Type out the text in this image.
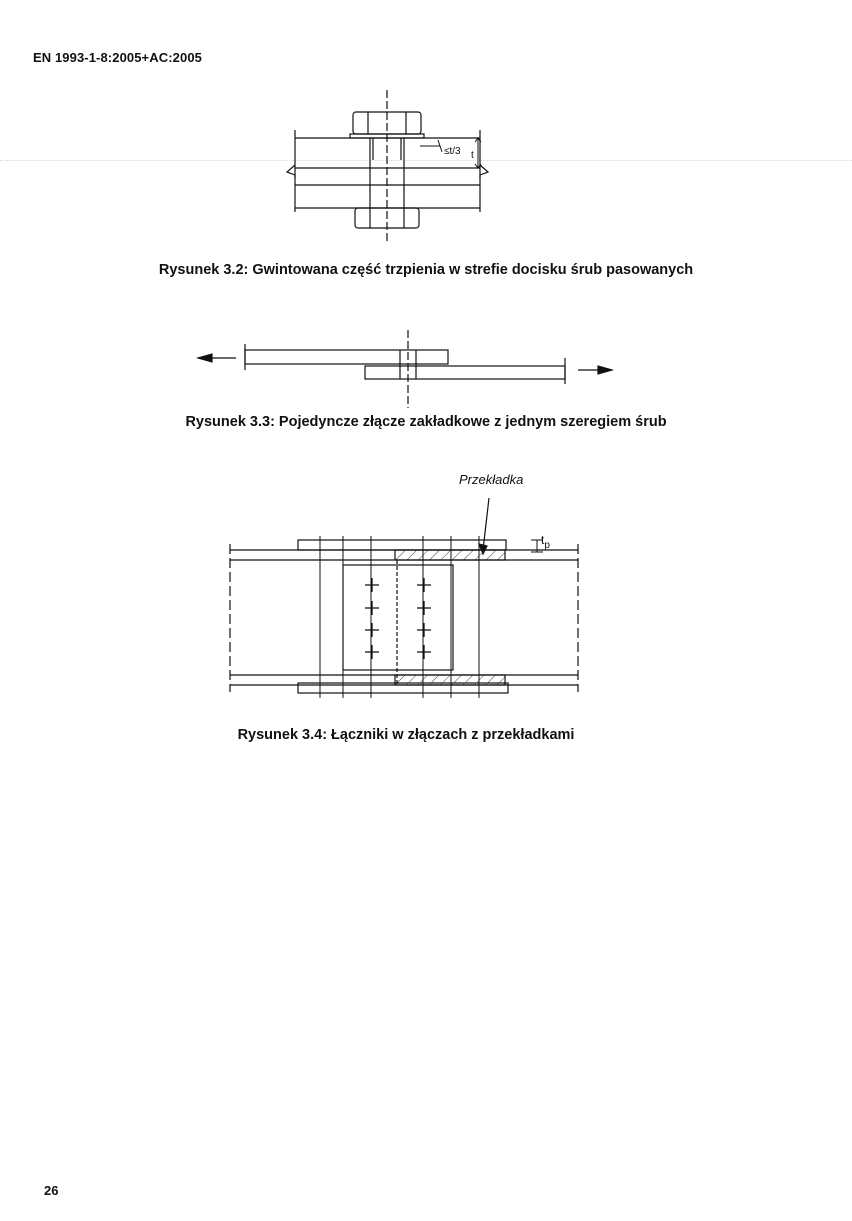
EN 1993-1-8:2005+AC:2005
≤t/3 t
Rysunek 3.2: Gwintowana część trzpienia w strefie docisku śrub pasowanych
Rysunek 3.3: Pojedyncze złącze zakładkowe z jednym szeregiem śrub
Przekładka
$t_p$
Rysunek 3.4: Łączniki w złączach z przekładkami
26
